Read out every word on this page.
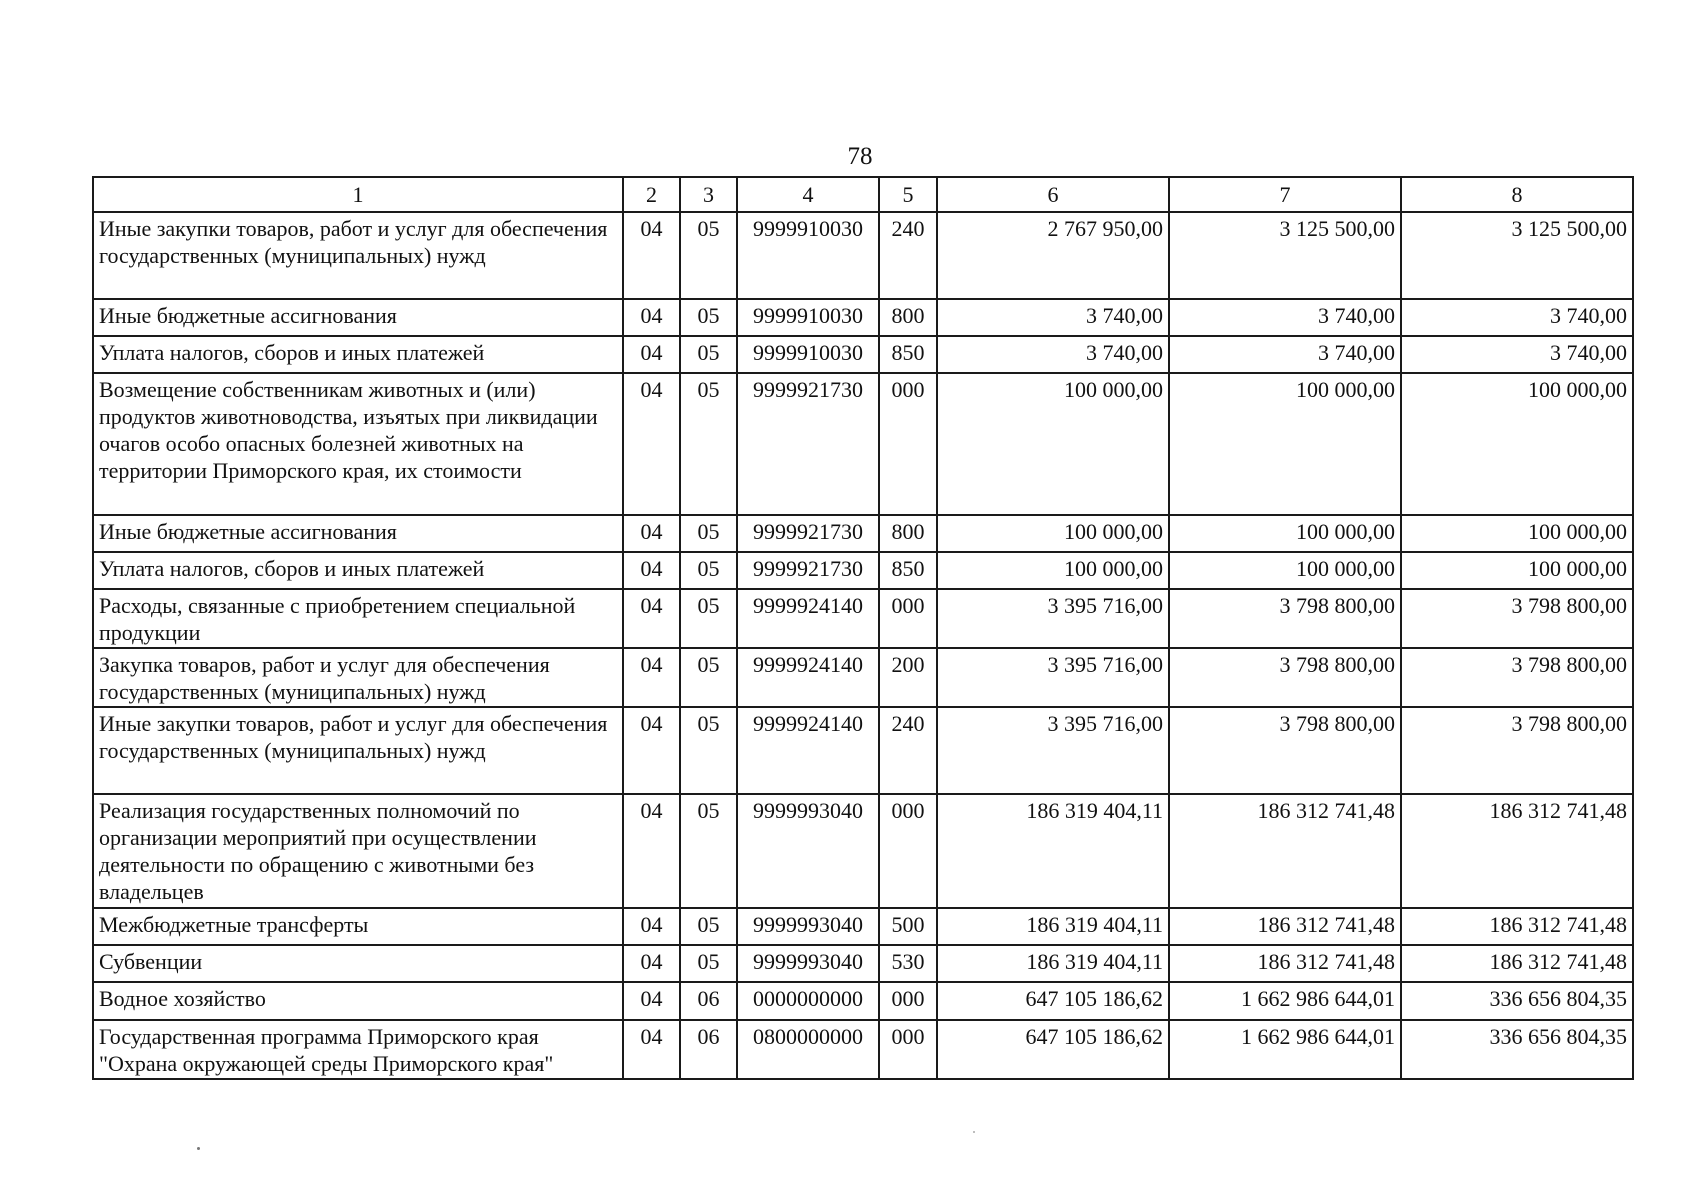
78
1	2	3	4	5	6	7	8
Иные закупки товаров, работ и услуг для обеспечения государственных (муниципальных) нужд	04	05	9999910030	240	2 767 950,00	3 125 500,00	3 125 500,00
Иные бюджетные ассигнования	04	05	9999910030	800	3 740,00	3 740,00	3 740,00
Уплата налогов, сборов и иных платежей	04	05	9999910030	850	3 740,00	3 740,00	3 740,00
Возмещение собственникам животных и (или) продуктов животноводства, изъятых при ликвидации очагов особо опасных болезней животных на территории Приморского края, их стоимости	04	05	9999921730	000	100 000,00	100 000,00	100 000,00
Иные бюджетные ассигнования	04	05	9999921730	800	100 000,00	100 000,00	100 000,00
Уплата налогов, сборов и иных платежей	04	05	9999921730	850	100 000,00	100 000,00	100 000,00
Расходы, связанные с приобретением специальной продукции	04	05	9999924140	000	3 395 716,00	3 798 800,00	3 798 800,00
Закупка товаров, работ и услуг для обеспечения государственных (муниципальных) нужд	04	05	9999924140	200	3 395 716,00	3 798 800,00	3 798 800,00
Иные закупки товаров, работ и услуг для обеспечения государственных (муниципальных) нужд	04	05	9999924140	240	3 395 716,00	3 798 800,00	3 798 800,00
Реализация государственных полномочий по организации мероприятий при осуществлении деятельности по обращению с животными без владельцев	04	05	9999993040	000	186 319 404,11	186 312 741,48	186 312 741,48
Межбюджетные трансферты	04	05	9999993040	500	186 319 404,11	186 312 741,48	186 312 741,48
Субвенции	04	05	9999993040	530	186 319 404,11	186 312 741,48	186 312 741,48
Водное хозяйство	04	06	0000000000	000	647 105 186,62	1 662 986 644,01	336 656 804,35
Государственная программа Приморского края "Охрана окружающей среды Приморского края"	04	06	0800000000	000	647 105 186,62	1 662 986 644,01	336 656 804,35
